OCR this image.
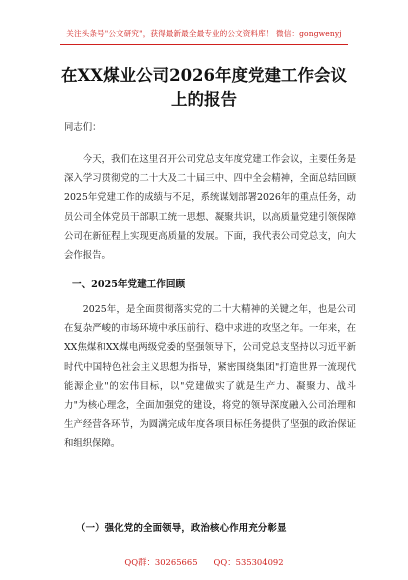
关注头条号"公文研究"，获得最新最全最专业的公文资料库！ 微信：gongwenyj
在XX煤业公司2026年度党建工作会议
上的报告
同志们：
今天，我们在这里召开公司党总支年度党建工作会议，主要任务是深入学习贯彻党的二十大及二十届三中、四中全会精神，全面总结回顾2025年党建工作的成绩与不足，系统谋划部署2026年的重点任务，动员公司全体党员干部职工统一思想、凝聚共识，以高质量党建引领保障公司在新征程上实现更高质量的发展。下面，我代表公司党总支，向大会作报告。
一、2025年党建工作回顾
2025年，是全面贯彻落实党的二十大精神的关键之年，也是公司在复杂严峻的市场环境中承压前行、稳中求进的攻坚之年。一年来，在XX焦煤和XX煤电两级党委的坚强领导下，公司党总支坚持以习近平新时代中国特色社会主义思想为指导，紧密围绕集团"打造世界一流现代能源企业"的宏伟目标，以"党建做实了就是生产力、凝聚力、战斗力"为核心理念，全面加强党的建设，将党的领导深度融入公司治理和生产经营各环节，为圆满完成年度各项目标任务提供了坚强的政治保证和组织保障。
（一）强化党的全面领导，政治核心作用充分彰显
QQ群：30265665      QQ：535304092
